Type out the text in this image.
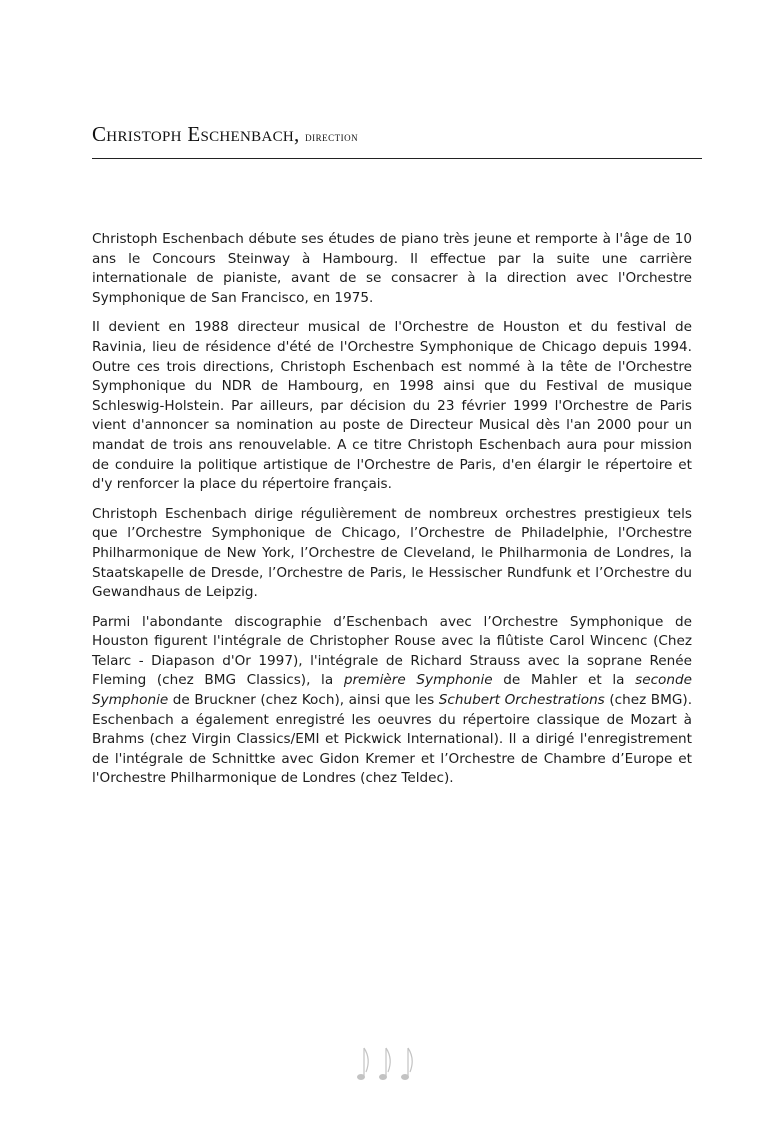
Christoph Eschenbach, direction

Christoph Eschenbach débute ses études de piano très jeune et remporte à l'âge de 10 ans le Concours Steinway à Hambourg. Il effectue par la suite une carrière internationale de pianiste, avant de se consacrer à la direction avec l'Orchestre Symphonique de San Francisco, en 1975.

Il devient en 1988 directeur musical de l'Orchestre de Houston et du festival de Ravinia, lieu de résidence d'été de l'Orchestre Symphonique de Chicago depuis 1994. Outre ces trois directions, Christoph Eschenbach est nommé à la tête de l'Orchestre Symphonique du NDR de Hambourg, en 1998 ainsi que du Festival de musique Schleswig-Holstein. Par ailleurs, par décision du 23 février 1999 l'Orchestre de Paris vient d'annoncer sa nomination au poste de Directeur Musical dès l'an 2000 pour un mandat de trois ans renouvelable. A ce titre Christoph Eschenbach aura pour mission de conduire la politique artistique de l'Orchestre de Paris, d'en élargir le répertoire et d'y renforcer la place du répertoire français.

Christoph Eschenbach dirige régulièrement de nombreux orchestres prestigieux tels que l’Orchestre Symphonique de Chicago, l’Orchestre de Philadelphie, l'Orchestre Philharmonique de New York, l’Orchestre de Cleveland, le Philharmonia de Londres, la Staatskapelle de Dresde, l’Orchestre de Paris, le Hessischer Rundfunk et l’Orchestre du Gewandhaus de Leipzig.

Parmi l'abondante discographie d’Eschenbach avec l’Orchestre Symphonique de Houston figurent l'intégrale de Christopher Rouse avec la flûtiste Carol Wincenc (Chez Telarc - Diapason d'Or 1997), l'intégrale de Richard Strauss avec la soprane Renée Fleming (chez BMG Classics), la première Symphonie de Mahler et la seconde Symphonie de Bruckner (chez Koch), ainsi que les Schubert Orchestrations (chez BMG). Eschenbach a également enregistré les oeuvres du répertoire classique de Mozart à Brahms (chez Virgin Classics/EMI et Pickwick International). Il a dirigé l'enregistrement de l'intégrale de Schnittke avec Gidon Kremer et l’Orchestre de Chambre d’Europe et l'Orchestre Philharmonique de Londres (chez Teldec).
